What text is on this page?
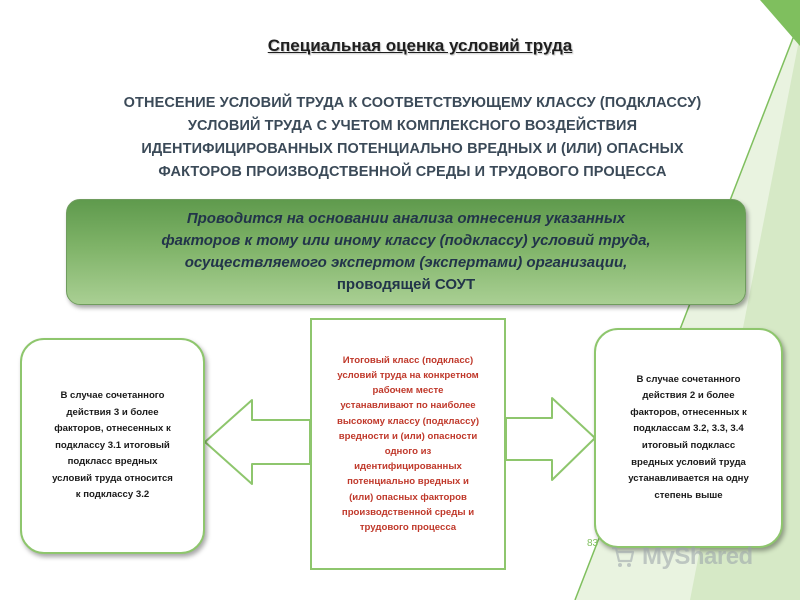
Специальная оценка условий труда
ОТНЕСЕНИЕ УСЛОВИЙ ТРУДА К СООТВЕТСТВУЮЩЕМУ КЛАССУ (ПОДКЛАССУ)
УСЛОВИЙ ТРУДА С УЧЕТОМ КОМПЛЕКСНОГО ВОЗДЕЙСТВИЯ
ИДЕНТИФИЦИРОВАННЫХ ПОТЕНЦИАЛЬНО ВРЕДНЫХ И (ИЛИ) ОПАСНЫХ
ФАКТОРОВ ПРОИЗВОДСТВЕННОЙ СРЕДЫ И ТРУДОВОГО ПРОЦЕССА
Проводится на основании анализа отнесения указанных
факторов к тому или иному классу (подклассу) условий труда,
осуществляемого экспертом (экспертами) организации,
проводящей СОУТ
Итоговый класс (подкласс)
условий труда на конкретном
рабочем месте
устанавливают по наиболее
высокому классу (подклассу)
вредности и (или) опасности
одного из
идентифицированных
потенциально вредных и
(или) опасных факторов
производственной среды и
трудового процесса
В случае сочетанного
действия 3 и более
факторов, отнесенных к
подклассу 3.1 итоговый
подкласс вредных
условий труда относится
к подклассу 3.2
В случае сочетанного
действия 2 и более
факторов, отнесенных к
подклассам 3.2, 3.3, 3.4
итоговый подкласс
вредных условий труда
устанавливается на одну
степень выше
83 MyShared
